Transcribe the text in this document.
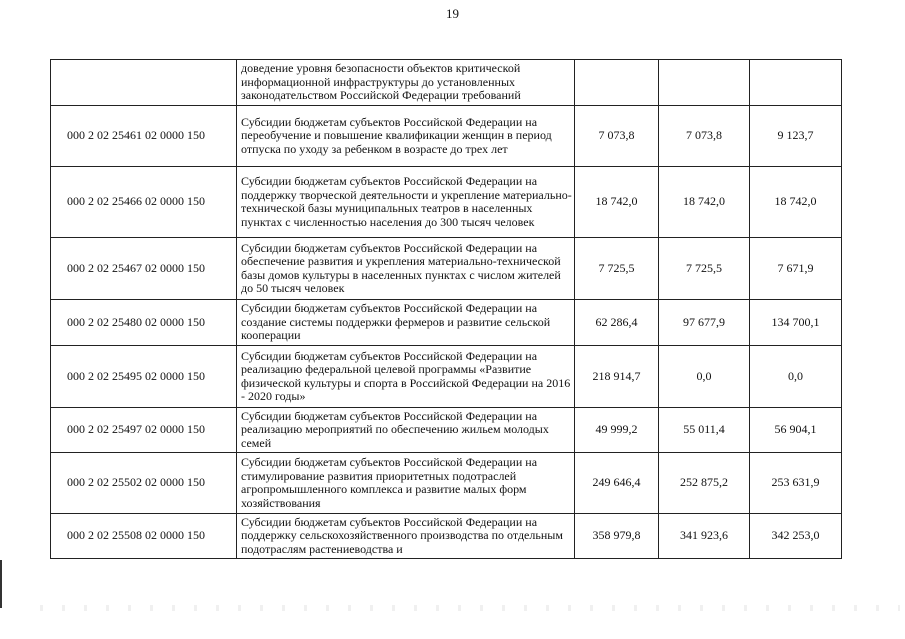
19
	доведение уровня безопасности объектов критической информационной инфраструктуры до установленных законодательством Российской Федерации требований			
000 2 02 25461 02 0000 150	Субсидии бюджетам субъектов Российской Федерации на переобучение и повышение квалификации женщин в период отпуска по уходу за ребенком в возрасте до трех лет	7 073,8	7 073,8	9 123,7
000 2 02 25466 02 0000 150	Субсидии бюджетам субъектов Российской Федерации на поддержку творческой деятельности и укрепление материально-технической базы муниципальных театров в населенных пунктах с численностью населения до 300 тысяч человек	18 742,0	18 742,0	18 742,0
000 2 02 25467 02 0000 150	Субсидии бюджетам субъектов Российской Федерации на обеспечение развития и укрепления материально-технической базы домов культуры в населенных пунктах с числом жителей до 50 тысяч человек	7 725,5	7 725,5	7 671,9
000 2 02 25480 02 0000 150	Субсидии бюджетам субъектов Российской Федерации на создание системы поддержки фермеров и развитие сельской кооперации	62 286,4	97 677,9	134 700,1
000 2 02 25495 02 0000 150	Субсидии бюджетам субъектов Российской Федерации на реализацию федеральной целевой программы «Развитие физической культуры и спорта в Российской Федерации на 2016 - 2020 годы»	218 914,7	0,0	0,0
000 2 02 25497 02 0000 150	Субсидии бюджетам субъектов Российской Федерации на реализацию мероприятий по обеспечению жильем молодых семей	49 999,2	55 011,4	56 904,1
000 2 02 25502 02 0000 150	Субсидии бюджетам субъектов Российской Федерации на стимулирование развития приоритетных подотраслей агропромышленного комплекса и развитие малых форм хозяйствования	249 646,4	252 875,2	253 631,9
000 2 02 25508 02 0000 150	Субсидии бюджетам субъектов Российской Федерации на поддержку сельскохозяйственного производства по отдельным подотраслям растениеводства и	358 979,8	341 923,6	342 253,0
